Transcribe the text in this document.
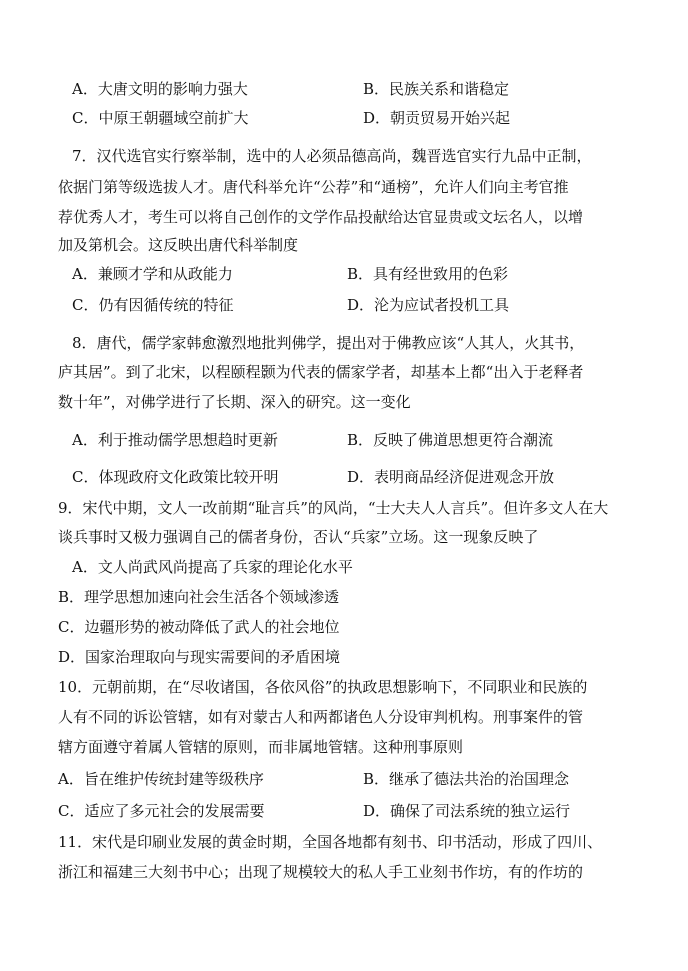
A．大唐文明的影响力强大	B．民族关系和谐稳定
C．中原王朝疆域空前扩大	D．朝贡贸易开始兴起
7．汉代选官实行察举制，选中的人必须品德高尚，魏晋选官实行九品中正制，
依据门第等级选拔人才。唐代科举允许“公荐”和“通榜”，允许人们向主考官推
荐优秀人才，考生可以将自己创作的文学作品投献给达官显贵或文坛名人，以增
加及第机会。这反映出唐代科举制度
A．兼顾才学和从政能力	B．具有经世致用的色彩
C．仍有因循传统的特征	D．沦为应试者投机工具
8．唐代，儒学家韩愈激烈地批判佛学，提出对于佛教应该“人其人，火其书，
庐其居”。到了北宋，以程颐程颢为代表的儒家学者，却基本上都“出入于老释者
数十年”，对佛学进行了长期、深入的研究。这一变化
A．利于推动儒学思想趋时更新	B．反映了佛道思想更符合潮流
C．体现政府文化政策比较开明	D．表明商品经济促进观念开放
9．宋代中期，文人一改前期“耻言兵”的风尚，“士大夫人人言兵”。但许多文人在大
谈兵事时又极力强调自己的儒者身份，否认“兵家”立场。这一现象反映了
A．文人尚武风尚提高了兵家的理论化水平
B．理学思想加速向社会生活各个领域渗透
C．边疆形势的被动降低了武人的社会地位
D．国家治理取向与现实需要间的矛盾困境
10．元朝前期，在“尽收诸国，各依风俗”的执政思想影响下，不同职业和民族的
人有不同的诉讼管辖，如有对蒙古人和两都诸色人分设审判机构。刑事案件的管
辖方面遵守着属人管辖的原则，而非属地管辖。这种刑事原则
A．旨在维护传统封建等级秩序	B．继承了德法共治的治国理念
C．适应了多元社会的发展需要	D．确保了司法系统的独立运行
11．宋代是印刷业发展的黄金时期，全国各地都有刻书、印书活动，形成了四川、
浙江和福建三大刻书中心；出现了规模较大的私人手工业刻书作坊，有的作坊的
